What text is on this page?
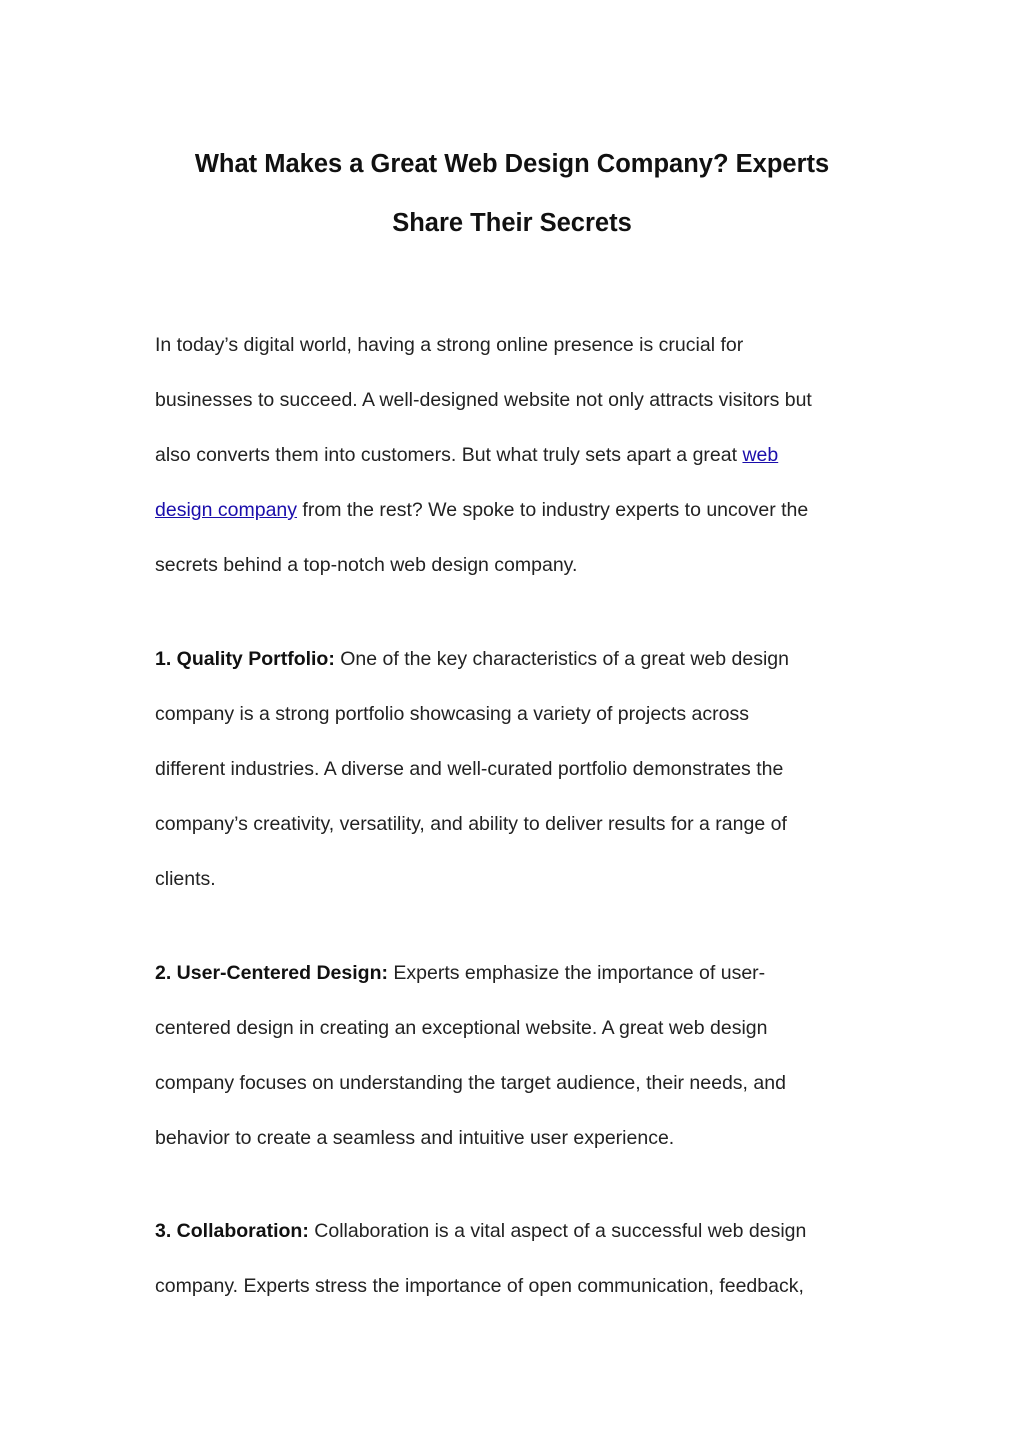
What Makes a Great Web Design Company? Experts
Share Their Secrets
In today’s digital world, having a strong online presence is crucial for
businesses to succeed. A well-designed website not only attracts visitors but
also converts them into customers. But what truly sets apart a great web
design company from the rest? We spoke to industry experts to uncover the
secrets behind a top-notch web design company.
1. Quality Portfolio: One of the key characteristics of a great web design
company is a strong portfolio showcasing a variety of projects across
different industries. A diverse and well-curated portfolio demonstrates the
company’s creativity, versatility, and ability to deliver results for a range of
clients.
2. User-Centered Design: Experts emphasize the importance of user-
centered design in creating an exceptional website. A great web design
company focuses on understanding the target audience, their needs, and
behavior to create a seamless and intuitive user experience.
3. Collaboration: Collaboration is a vital aspect of a successful web design
company. Experts stress the importance of open communication, feedback,
